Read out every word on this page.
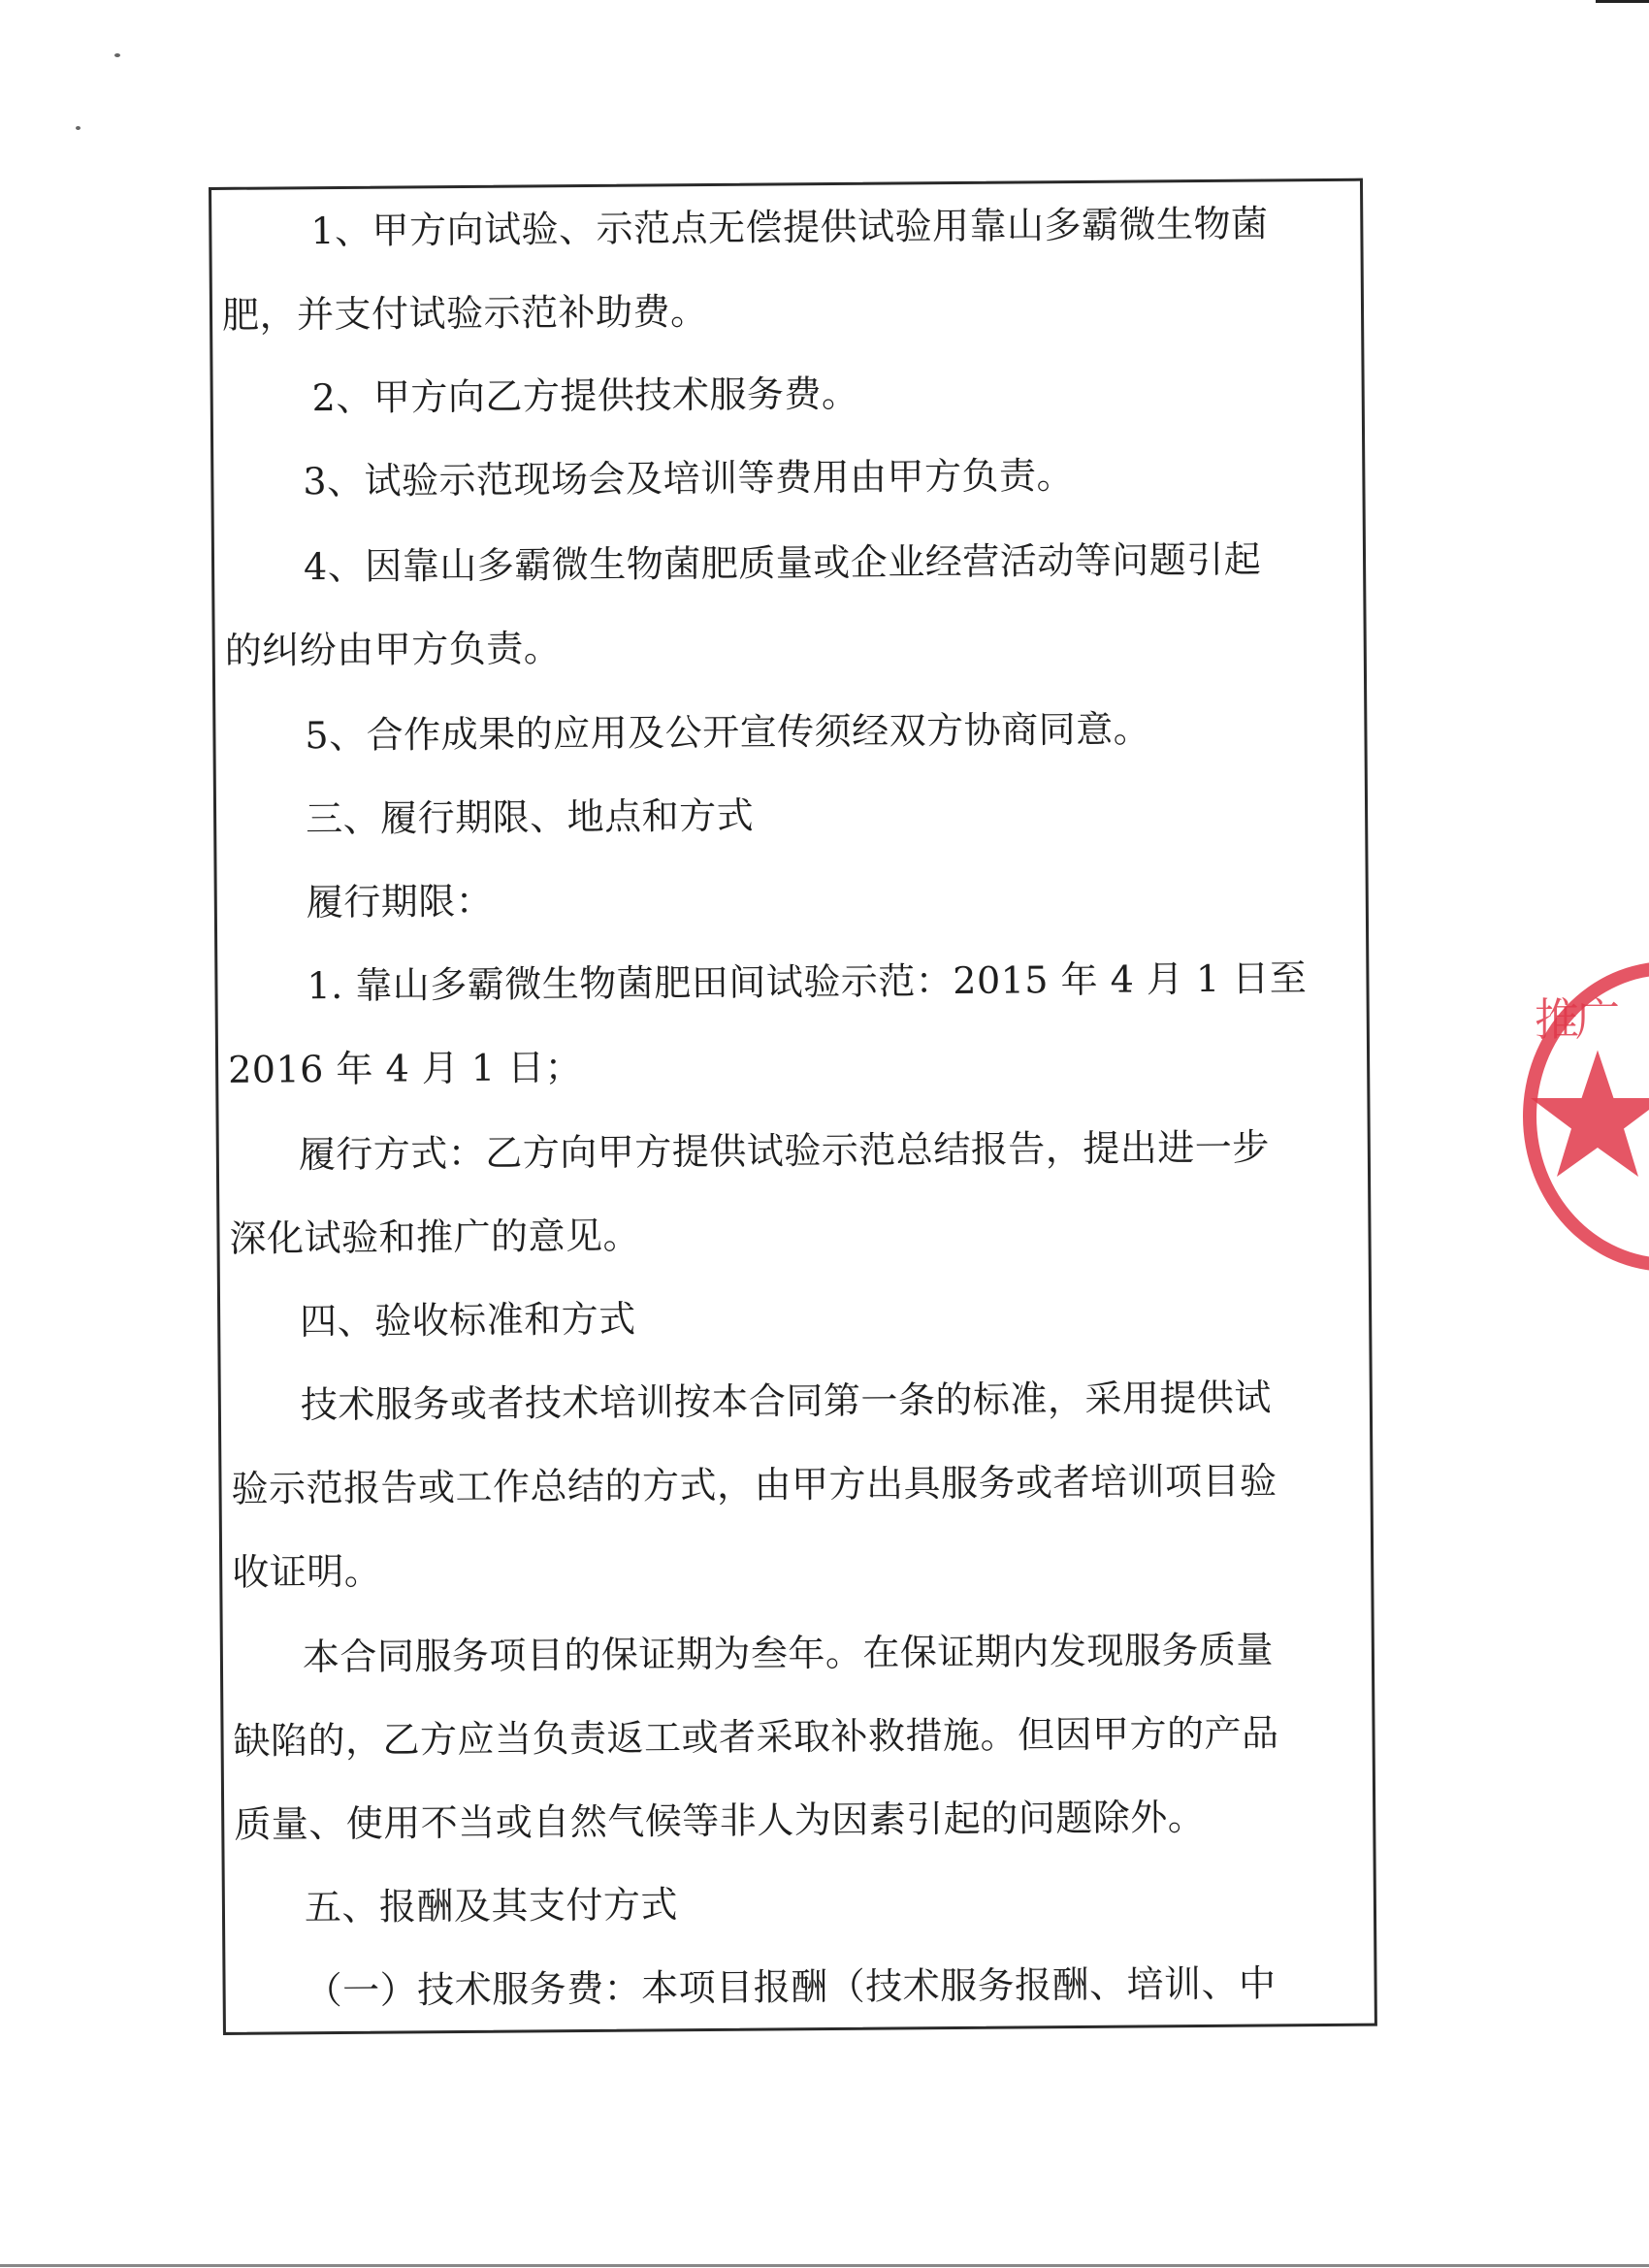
1、甲方向试验、示范点无偿提供试验用靠山多霸微生物菌
肥，并支付试验示范补助费。
2、甲方向乙方提供技术服务费。
3、试验示范现场会及培训等费用由甲方负责。
4、因靠山多霸微生物菌肥质量或企业经营活动等问题引起
的纠纷由甲方负责。
5、合作成果的应用及公开宣传须经双方协商同意。
三、履行期限、地点和方式
履行期限：
1. 靠山多霸微生物菌肥田间试验示范：2015 年 4 月 1 日至
2016 年 4 月 1 日；
履行方式：乙方向甲方提供试验示范总结报告，提出进一步
深化试验和推广的意见。
四、验收标准和方式
技术服务或者技术培训按本合同第一条的标准，采用提供试
验示范报告或工作总结的方式，由甲方出具服务或者培训项目验
收证明。
本合同服务项目的保证期为叁年。在保证期内发现服务质量
缺陷的，乙方应当负责返工或者采取补救措施。但因甲方的产品
质量、使用不当或自然气候等非人为因素引起的问题除外。
五、报酬及其支付方式
（一）技术服务费：本项目报酬（技术服务报酬、培训、中
推广
